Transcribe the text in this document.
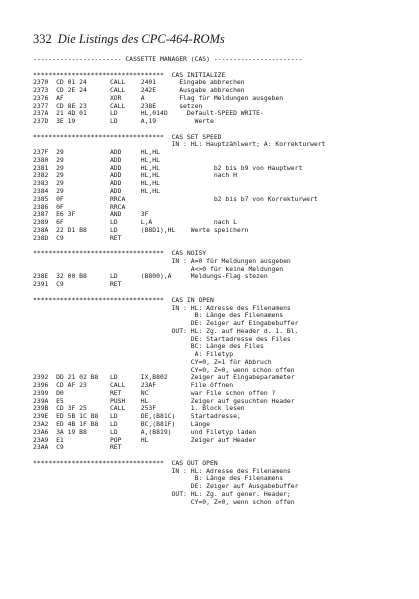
332 Die Listings des CPC-464-ROMs
----------------------- CASSETTE MANAGER (CAS) -----------------------
**********************************  CAS INITIALIZE
2370  CD 01 24      CALL    2401      Eingabe abbrechen
2373  CD 2E 24      CALL    242E      Ausgabe abbrechen
2376  AF            XOR     A         Flag für Meldungen ausgeben
2377  CD 8E 23      CALL    238E      setzen
237A  21 4D 01      LD      HL,014D     Default-SPEED WRITE-
237D  3E 19         LD      A,19          Werte
**********************************  CAS SET SPEED
IN : HL: Hauptzählwert; A: Korrekturwert
237F  29            ADD     HL,HL
2380  29            ADD     HL,HL
2381  29            ADD     HL,HL              b2 bis b9 von Hauptwert
2382  29            ADD     HL,HL              nach H
2383  29            ADD     HL,HL
2384  29            ADD     HL,HL
2385  0F            RRCA                       b2 bis b7 von Korrekturwert
2386  0F            RRCA
2387  E6 3F         AND     3F
2389  6F            LD      L,A                nach L
238A  22 D1 B8      LD      (B8D1),HL    Werte speichern
238D  C9            RET
**********************************  CAS NOISY
IN : A=0 für Meldungen ausgeben
A<>0 für keine Meldungen
238E  32 00 B8      LD      (B800),A     Meldungs-Flag stezen
2391  C9            RET
**********************************  CAS IN OPEN
IN : HL: Adresse des Filenamens
B: Länge des Filenamens
DE: Zeiger auf Eingabebuffer
OUT: HL: Zg. auf Header d. 1. Bl.
DE: Startadresse des Files
BC: Länge des Files
A: Filetyp
CY=0, Z=1 für Abbruch
CY=0, Z=0, wenn schon offen
2392  DD 21 02 B8   LD      IX,B802      Zeiger auf Eingabeparameter
2396  CD AF 23      CALL    23AF         File öffnen
2399  D0            RET     NC           war File schon offen ?
239A  E5            PUSH    HL           Zeiger auf gesuchten Header
239B  CD 3F 25      CALL    253F         1. Block lesen
239E  ED 5B 1C B8   LD      DE,(B81C)    Startadresse,
23A2  ED 4B 1F B8   LD      BC,(B81F)    Länge
23A6  3A 19 B8      LD      A,(B819)     und Filetyp laden
23A9  E1            POP     HL           Zeiger auf Header
23AA  C9            RET
**********************************  CAS OUT OPEN
IN : HL: Adresse des Filenamens
B: Länge des Filenamens
DE: Zeiger auf Ausgabebuffer
OUT: HL: Zg. auf gener. Header;
CY=0, Z=0, wenn schon offen
